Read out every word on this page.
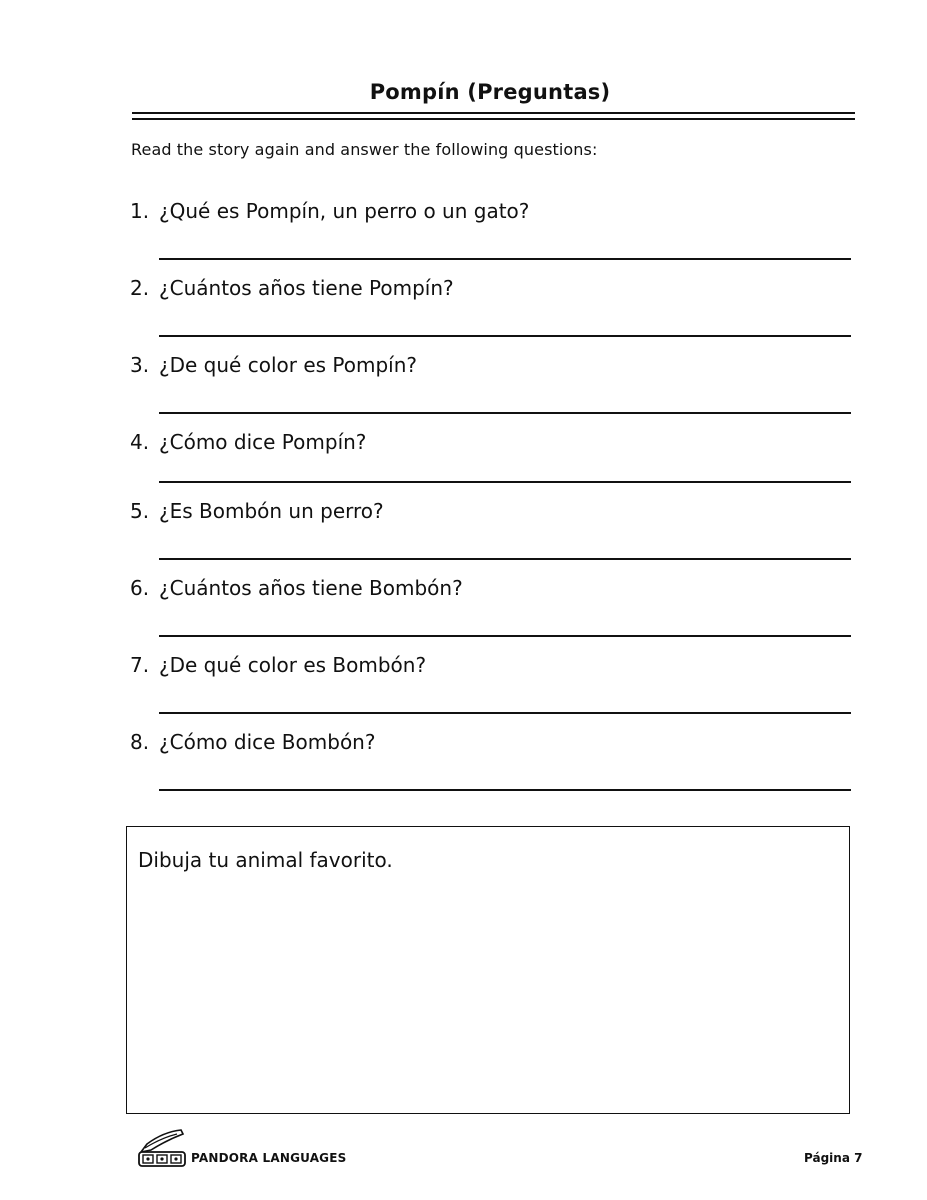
Pompín (Preguntas)
Read the story again and answer the following questions:
1. ¿Qué es Pompín, un perro o un gato?
2. ¿Cuántos años tiene Pompín?
3. ¿De qué color es Pompín?
4. ¿Cómo dice Pompín?
5. ¿Es Bombón un perro?
6. ¿Cuántos años tiene Bombón?
7. ¿De qué color es Bombón?
8. ¿Cómo dice Bombón?
Dibuja tu animal favorito.
PANDORA LANGUAGES	Página 7
